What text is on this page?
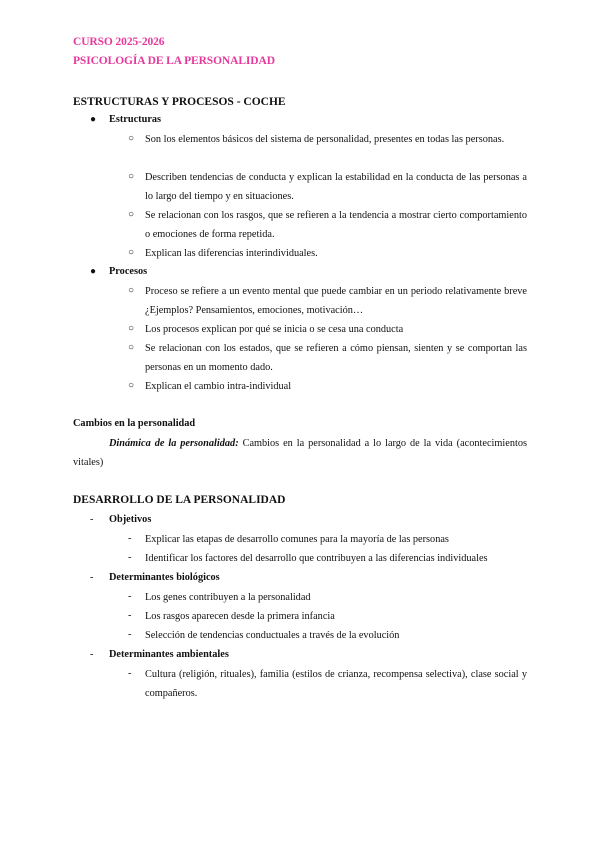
CURSO 2025-2026
PSICOLOGÍA DE LA PERSONALIDAD
ESTRUCTURAS Y PROCESOS - COCHE
● Estructuras
○ Son los elementos básicos del sistema de personalidad, presentes en todas las personas.
○ Describen tendencias de conducta y explican la estabilidad en la conducta de las personas a lo largo del tiempo y en situaciones.
○ Se relacionan con los rasgos, que se refieren a la tendencia a mostrar cierto comportamiento o emociones de forma repetida.
○ Explican las diferencias interindividuales.
● Procesos
○ Proceso se refiere a un evento mental que puede cambiar en un periodo relativamente breve ¿Ejemplos? Pensamientos, emociones, motivación…
○ Los procesos explican por qué se inicia o se cesa una conducta
○ Se relacionan con los estados, que se refieren a cómo piensan, sienten y se comportan las personas en un momento dado.
○ Explican el cambio intra-individual
Cambios en la personalidad
Dinámica de la personalidad: Cambios en la personalidad a lo largo de la vida (acontecimientos vitales)
DESARROLLO DE LA PERSONALIDAD
- Objetivos
- Explicar las etapas de desarrollo comunes para la mayoría de las personas
- Identificar los factores del desarrollo que contribuyen a las diferencias individuales
- Determinantes biológicos
- Los genes contribuyen a la personalidad
- Los rasgos aparecen desde la primera infancia
- Selección de tendencias conductuales a través de la evolución
- Determinantes ambientales
- Cultura (religión, rituales), familia (estilos de crianza, recompensa selectiva), clase social y compañeros.
